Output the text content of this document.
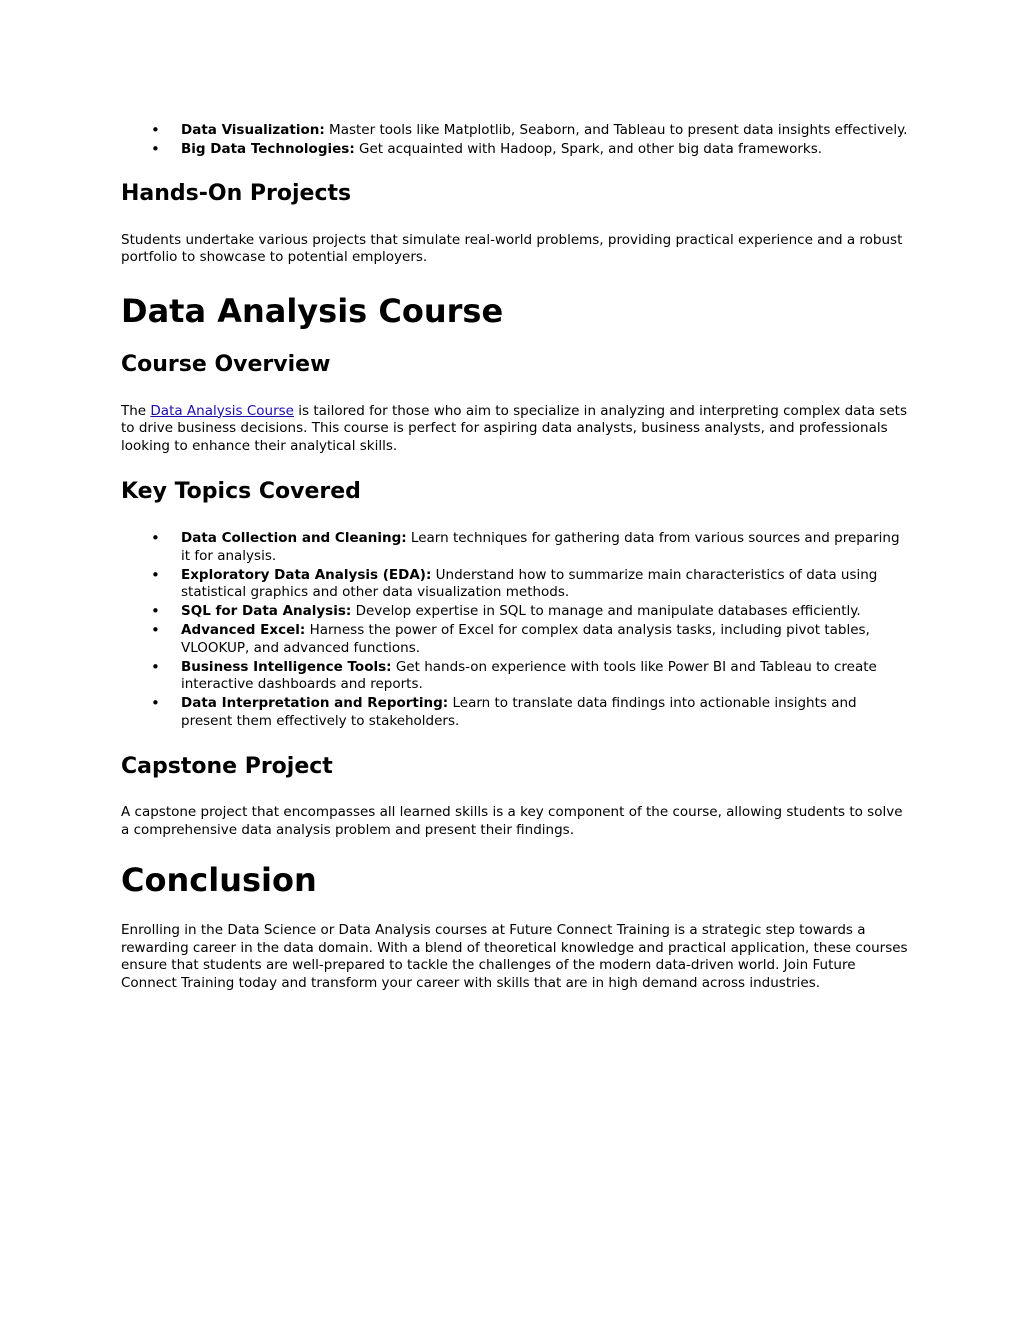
• Data Visualization: Master tools like Matplotlib, Seaborn, and Tableau to present data insights effectively.
• Big Data Technologies: Get acquainted with Hadoop, Spark, and other big data frameworks.
Hands-On Projects

Students undertake various projects that simulate real-world problems, providing practical experience and a robust portfolio to showcase to potential employers.

Data Analysis Course
Course Overview

The Data Analysis Course is tailored for those who aim to specialize in analyzing and interpreting complex data sets to drive business decisions. This course is perfect for aspiring data analysts, business analysts, and professionals looking to enhance their analytical skills.

Key Topics Covered
• Data Collection and Cleaning: Learn techniques for gathering data from various sources and preparing it for analysis.
• Exploratory Data Analysis (EDA): Understand how to summarize main characteristics of data using statistical graphics and other data visualization methods.
• SQL for Data Analysis: Develop expertise in SQL to manage and manipulate databases efficiently.
• Advanced Excel: Harness the power of Excel for complex data analysis tasks, including pivot tables, VLOOKUP, and advanced functions.
• Business Intelligence Tools: Get hands-on experience with tools like Power BI and Tableau to create interactive dashboards and reports.
• Data Interpretation and Reporting: Learn to translate data findings into actionable insights and present them effectively to stakeholders.
Capstone Project

A capstone project that encompasses all learned skills is a key component of the course, allowing students to solve a comprehensive data analysis problem and present their findings.

Conclusion

Enrolling in the Data Science or Data Analysis courses at Future Connect Training is a strategic step towards a rewarding career in the data domain. With a blend of theoretical knowledge and practical application, these courses ensure that students are well-prepared to tackle the challenges of the modern data-driven world. Join Future Connect Training today and transform your career with skills that are in high demand across industries.
